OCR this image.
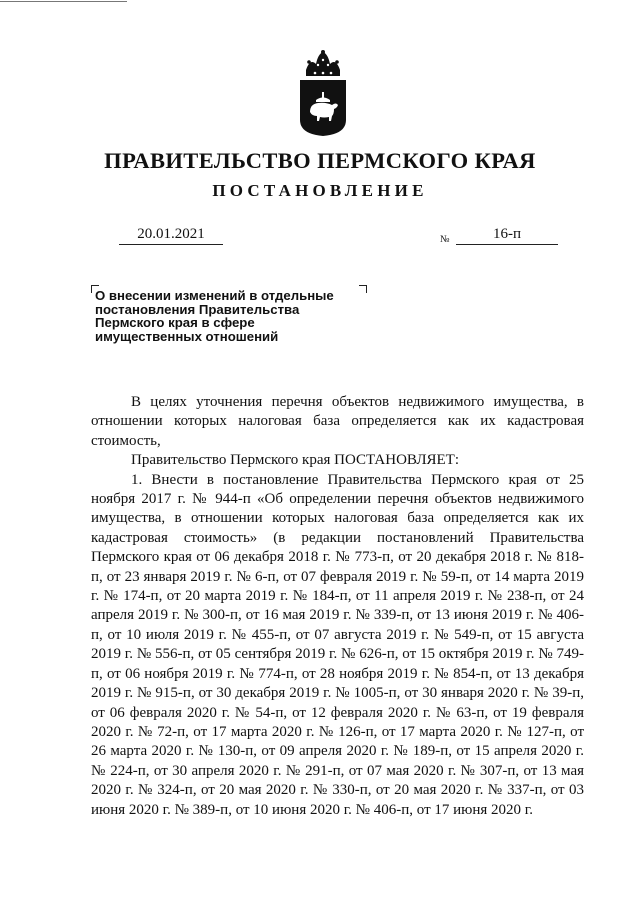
ПРАВИТЕЛЬСТВО ПЕРМСКОГО КРАЯ
ПОСТАНОВЛЕНИЕ
20.01.2021	№	16-п
О внесении изменений в отдельные постановления Правительства Пермского края в сфере имущественных отношений

В целях уточнения перечня объектов недвижимого имущества, в отношении которых налоговая база определяется как их кадастровая стоимость,

Правительство Пермского края ПОСТАНОВЛЯЕТ:

1. Внести в постановление Правительства Пермского края от 25 ноября 2017 г. № 944-п «Об определении перечня объектов недвижимого имущества, в отношении которых налоговая база определяется как их кадастровая стоимость» (в редакции постановлений Правительства Пермского края от 06 декабря 2018 г. № 773-п, от 20 декабря 2018 г. № 818-п, от 23 января 2019 г. № 6-п, от 07 февраля 2019 г. № 59-п, от 14 марта 2019 г. № 174-п, от 20 марта 2019 г. № 184-п, от 11 апреля 2019 г. № 238-п, от 24 апреля 2019 г. № 300-п, от 16 мая 2019 г. № 339-п, от 13 июня 2019 г. № 406-п, от 10 июля 2019 г. № 455-п, от 07 августа 2019 г. № 549-п, от 15 августа 2019 г. № 556-п, от 05 сентября 2019 г. № 626-п, от 15 октября 2019 г. № 749-п, от 06 ноября 2019 г. № 774-п, от 28 ноября 2019 г. № 854-п, от 13 декабря 2019 г. № 915-п, от 30 декабря 2019 г. № 1005-п, от 30 января 2020 г. № 39-п, от 06 февраля 2020 г. № 54-п, от 12 февраля 2020 г. № 63-п, от 19 февраля 2020 г. № 72-п, от 17 марта 2020 г. № 126-п, от 17 марта 2020 г. № 127-п, от 26 марта 2020 г. № 130-п, от 09 апреля 2020 г. № 189-п, от 15 апреля 2020 г. № 224-п, от 30 апреля 2020 г. № 291-п, от 07 мая 2020 г. № 307-п, от 13 мая 2020 г. № 324-п, от 20 мая 2020 г. № 330-п, от 20 мая 2020 г. № 337-п, от 03 июня 2020 г. № 389-п, от 10 июня 2020 г. № 406-п, от 17 июня 2020 г.
